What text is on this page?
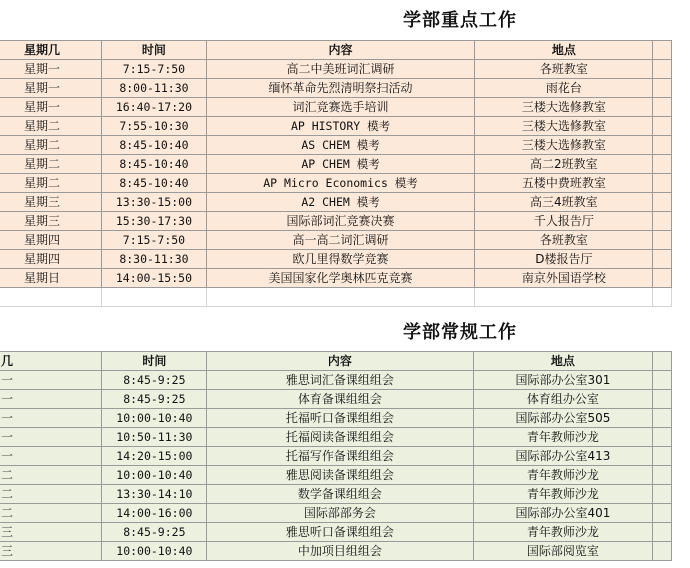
学部重点工作
星期几	时间	内容	地点	
星期一	7:15-7:50	高二中美班词汇调研	各班教室	
星期一	8:00-11:30	缅怀革命先烈清明祭扫活动	雨花台	
星期一	16:40-17:20	词汇竞赛选手培训	三楼大选修教室	
星期二	7:55-10:30	AP HISTORY 模考	三楼大选修教室	
星期二	8:45-10:40	AS CHEM 模考	三楼大选修教室	
星期二	8:45-10:40	AP CHEM 模考	高二2班教室	
星期二	8:45-10:40	AP Micro Economics 模考	五楼中费班教室	
星期三	13:30-15:00	A2 CHEM 模考	高三4班教室	
星期三	15:30-17:30	国际部词汇竞赛决赛	千人报告厅	
星期四	7:15-7:50	高一高二词汇调研	各班教室	
星期四	8:30-11:30	欧几里得数学竞赛	D楼报告厅	
星期日	14:00-15:50	美国国家化学奥林匹克竞赛	南京外国语学校	

学部常规工作
几	时间	内容	地点	
一	8:45-9:25	雅思词汇备课组组会	国际部办公室301	
一	8:45-9:25	体育备课组组会	体育组办公室	
一	10:00-10:40	托福听口备课组组会	国际部办公室505	
一	10:50-11:30	托福阅读备课组组会	青年教师沙龙	
一	14:20-15:00	托福写作备课组组会	国际部办公室413	
二	10:00-10:40	雅思阅读备课组组会	青年教师沙龙	
二	13:30-14:10	数学备课组组会	青年教师沙龙	
二	14:00-16:00	国际部部务会	国际部办公室401	
三	8:45-9:25	雅思听口备课组组会	青年教师沙龙	
三	10:00-10:40	中加项目组组会	国际部阅览室	
